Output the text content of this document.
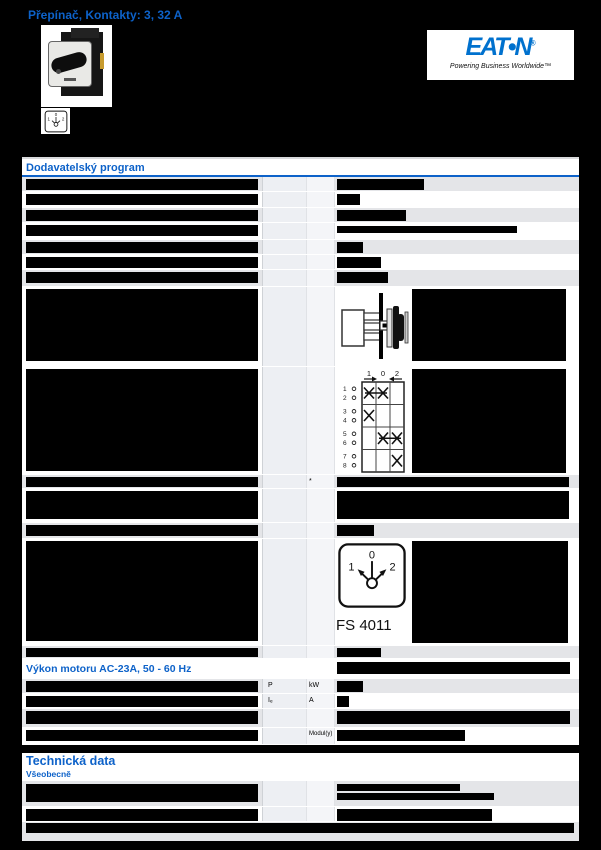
Přepínač, Kontakty: 3, 32 A
0
1 2
EAT•N®
Powering Business Worldwide™
Dodavatelský program
1 0 2
1
2
3
4
5
6
7
8
*
0
1	2
FS 4011
Výkon motoru AC-23A, 50 - 60 Hz
P	kW
Iₑ	A
Modul(y)
Technická data
Všeobecně
